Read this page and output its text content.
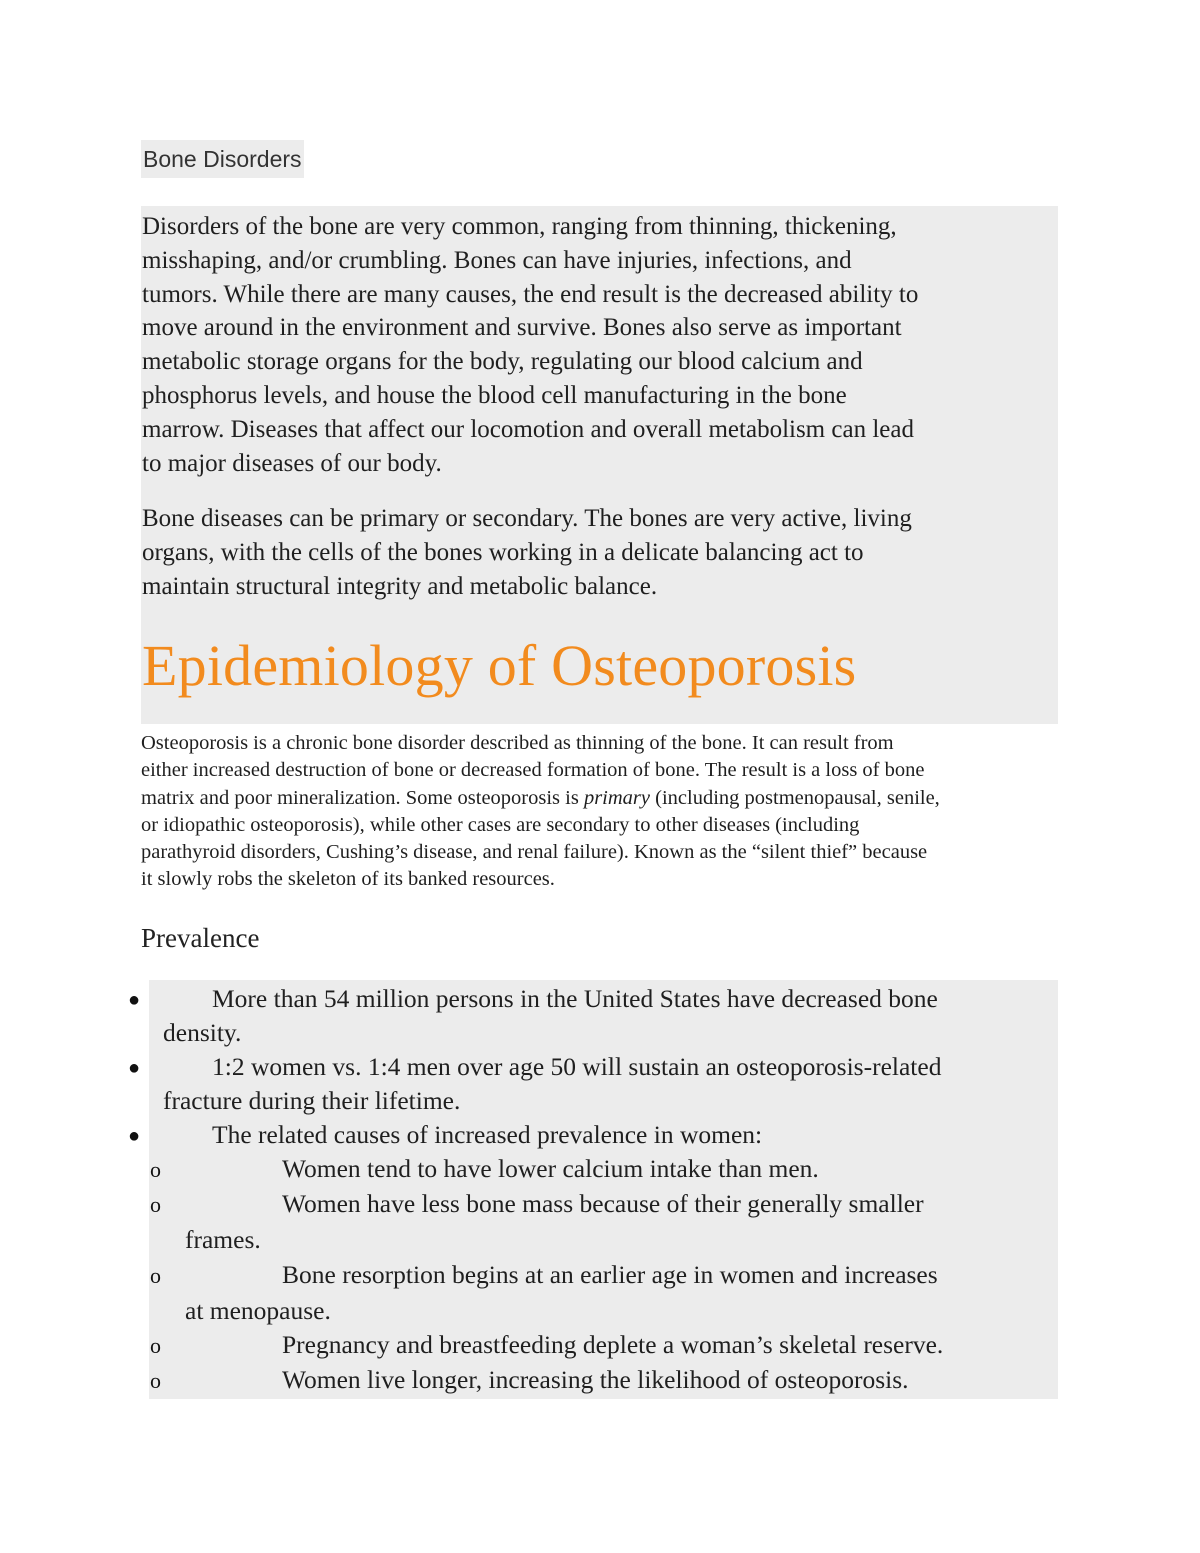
Bone Disorders

Disorders of the bone are very common, ranging from thinning, thickening,
misshaping, and/or crumbling. Bones can have injuries, infections, and
tumors. While there are many causes, the end result is the decreased ability to
move around in the environment and survive. Bones also serve as important
metabolic storage organs for the body, regulating our blood calcium and
phosphorus levels, and house the blood cell manufacturing in the bone
marrow. Diseases that affect our locomotion and overall metabolism can lead
to major diseases of our body.

Bone diseases can be primary or secondary. The bones are very active, living
organs, with the cells of the bones working in a delicate balancing act to
maintain structural integrity and metabolic balance.

Epidemiology of Osteoporosis

Osteoporosis is a chronic bone disorder described as thinning of the bone. It can result from
either increased destruction of bone or decreased formation of bone. The result is a loss of bone
matrix and poor mineralization. Some osteoporosis is primary (including postmenopausal, senile,
or idiopathic osteoporosis), while other cases are secondary to other diseases (including
parathyroid disorders, Cushing’s disease, and renal failure). Known as the “silent thief” because
it slowly robs the skeleton of its banked resources.

Prevalence
●	More than 54 million persons in the United States have decreased bone
density.
●	1:2 women vs. 1:4 men over age 50 will sustain an osteoporosis-related
fracture during their lifetime.
●	The related causes of increased prevalence in women:
o	Women tend to have lower calcium intake than men.
o	Women have less bone mass because of their generally smaller
frames.
o	Bone resorption begins at an earlier age in women and increases
at menopause.
o	Pregnancy and breastfeeding deplete a woman’s skeletal reserve.
o	Women live longer, increasing the likelihood of osteoporosis.
